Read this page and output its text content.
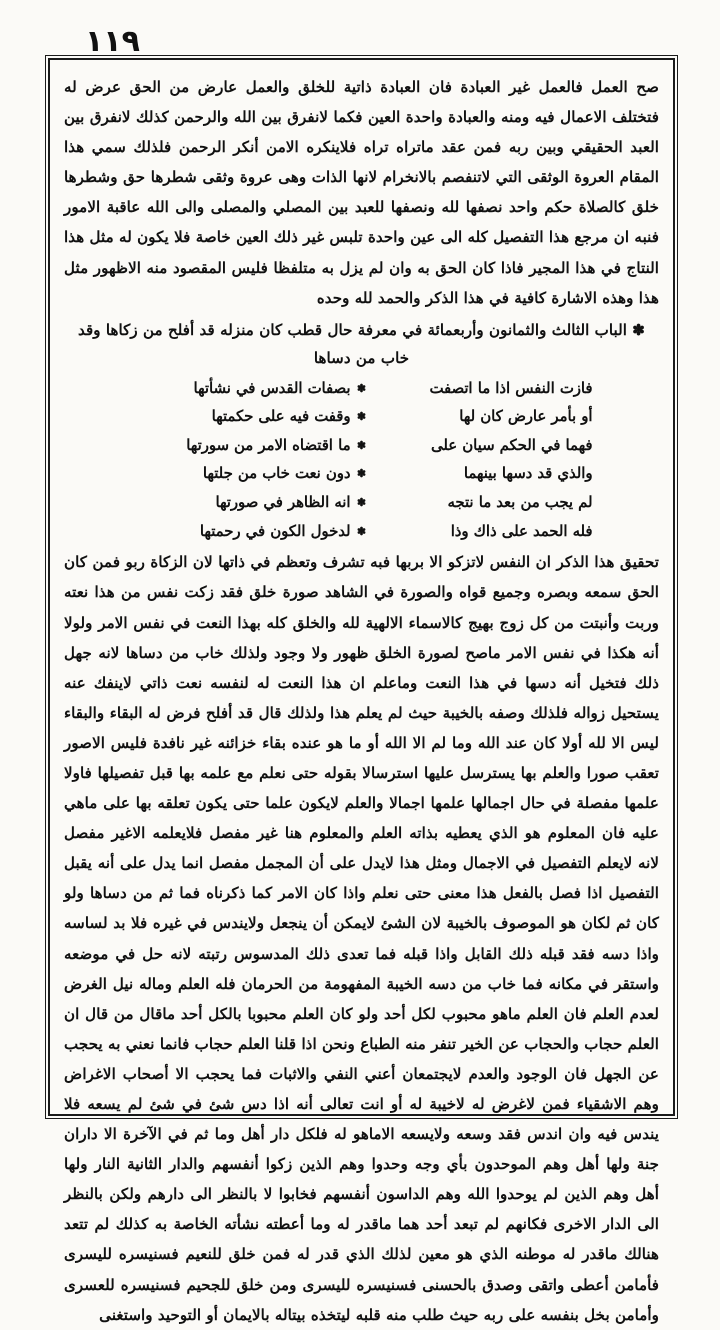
١١٩

صح العمل فالعمل غير العبادة فان العبادة ذاتية للخلق والعمل عارض من الحق عرض له فتختلف الاعمال فيه ومنه والعبادة واحدة العين فكما لانفرق بين الله والرحمن كذلك لانفرق بين العبد الحقيقي وبين ربه فمن عقد ماتراه تراه فلاينكره الامن أنكر الرحمن فلذلك سمي هذا المقام العروة الوثقى التي لاتنفصم بالانخرام لانها الذات وهى عروة وثقى شطرها حق وشطرها خلق كالصلاة حكم واحد نصفها لله ونصفها للعبد بين المصلي والمصلى والى الله عاقبة الامور فنبه ان مرجع هذا التفصيل كله الى عين واحدة تلبس غير ذلك العين خاصة فلا يكون له مثل هذا النتاج في هذا المجير فاذا كان الحق به وان لم يزل به متلفظا فليس المقصود منه الاظهور مثل هذا وهذه الاشارة كافية في هذا الذكر والحمد لله وحده

✽ الباب الثالث والثمانون وأربعمائة في معرفة حال قطب كان منزله قد أفلح من زكاها وقد خاب من دساها
فازت النفس اذا ما اتصفت
✽
بصفات القدس في نشأتها
أو بأمر عارض كان لها
✽
وقفت فيه على حكمتها
فهما في الحكم سيان على
✽
ما اقتضاه الامر من سورتها
والذي قد دسها بينهما
✽
دون نعت خاب من جلتها
لم يجب من بعد ما نتجه
✽
انه الظاهر في صورتها
فله الحمد على ذاك وذا
✽
لدخول الكون في رحمتها

تحقيق هذا الذكر ان النفس لاتزكو الا بربها فبه تشرف وتعظم في ذاتها لان الزكاة ربو فمن كان الحق سمعه وبصره وجميع قواه والصورة في الشاهد صورة خلق فقد زكت نفس من هذا نعته وربت وأنبتت من كل زوج بهيج كالاسماء الالهية لله والخلق كله بهذا النعت في نفس الامر ولولا أنه هكذا في نفس الامر ماصح لصورة الخلق ظهور ولا وجود ولذلك خاب من دساها لانه جهل ذلك فتخيل أنه دسها في هذا النعت وماعلم ان هذا النعت له لنفسه نعت ذاتي لاينفك عنه يستحيل زواله فلذلك وصفه بالخيبة حيث لم يعلم هذا ولذلك قال قد أفلح فرض له البقاء والبقاء ليس الا لله أولا كان عند الله وما لم الا الله أو ما هو عنده بقاء خزائنه غير نافدة فليس الاصور تعقب صورا والعلم بها يسترسل عليها استرسالا بقوله حتى نعلم مع علمه بها قبل تفصيلها فاولا علمها مفصلة في حال اجمالها علمها اجمالا والعلم لايكون علما حتى يكون تعلقه بها على ماهي عليه فان المعلوم هو الذي يعطيه بذاته العلم والمعلوم هنا غير مفصل فلايعلمه الاغير مفصل لانه لايعلم التفصيل في الاجمال ومثل هذا لايدل على أن المجمل مفصل انما يدل على أنه يقبل التفصيل اذا فصل بالفعل هذا معنى حتى نعلم واذا كان الامر كما ذكرناه فما ثم من دساها ولو كان ثم لكان هو الموصوف بالخيبة لان الشئ لايمكن أن ينجعل ولايندس في غيره فلا بد لساسه واذا دسه فقد قبله ذلك القابل واذا قبله فما تعدى ذلك المدسوس رتبته لانه حل في موضعه واستقر في مكانه فما خاب من دسه الخيبة المفهومة من الحرمان فله العلم وماله نيل الغرض لعدم العلم فان العلم ماهو محبوب لكل أحد ولو كان العلم محبوبا بالكل أحد ماقال من قال ان العلم حجاب والحجاب عن الخير تنفر منه الطباع ونحن اذا قلنا العلم حجاب فانما نعني به يحجب عن الجهل فان الوجود والعدم لايجتمعان أعني النفي والاثبات فما يحجب الا أصحاب الاغراض وهم الاشقياء فمن لاغرض له لاخيبة له أو انت تعالى أنه اذا دس شئ في شئ لم يسعه فلا يندس فيه وان اندس فقد وسعه ولايسعه الاماهو له فلكل دار أهل وما ثم في الآخرة الا داران جنة ولها أهل وهم الموحدون بأي وجه وحدوا وهم الذين زكوا أنفسهم والدار الثانية النار ولها أهل وهم الذين لم يوحدوا الله وهم الداسون أنفسهم فخابوا لا بالنظر الى دارهم ولكن بالنظر الى الدار الاخرى فكانهم لم تبعد أحد هما ماقدر له وما أعطته نشأته الخاصة به كذلك لم تتعد هنالك ماقدر له موطنه الذي هو معين لذلك الذي قدر له فمن خلق للنعيم فسنيسره لليسرى فأمامن أعطى واتقى وصدق بالحسنى فسنيسره لليسرى ومن خلق للجحيم فسنيسره للعسرى وأمامن بخل بنفسه على ربه حيث طلب منه قلبه ليتخذه بيتاله بالايمان أو التوحيد واستغنى
